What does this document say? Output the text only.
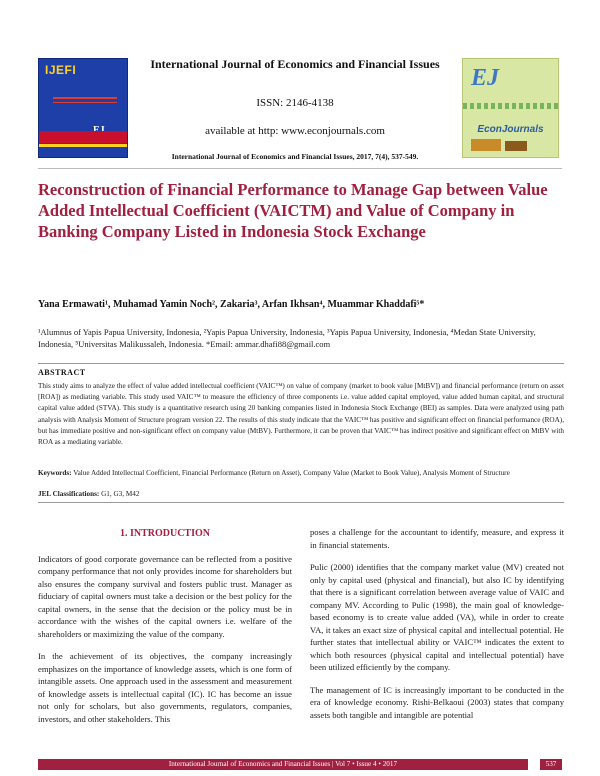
IJEFI	International Journal of Economics and Financial Issues
ISSN: 2146-4138
available at http: www.econjournals.com
International Journal of Economics and Financial Issues, 2017, 7(4), 537-549.
EJ
EconJournals
Reconstruction of Financial Performance to Manage Gap between Value Added Intellectual Coefficient (VAICTM) and Value of Company in Banking Company Listed in Indonesia Stock Exchange
Yana Ermawati¹, Muhamad Yamin Noch², Zakaria³, Arfan Ikhsan⁴, Muammar Khaddafi⁵*
¹Alumnus of Yapis Papua University, Indonesia, ²Yapis Papua University, Indonesia, ³Yapis Papua University, Indonesia, ⁴Medan State University, Indonesia, ⁵Universitas Malikussaleh, Indonesia. *Email: ammar.dhafi88@gmail.com
ABSTRACT
This study aims to analyze the effect of value added intellectual coefficient (VAIC™) on value of company (market to book value [MtBV]) and financial performance (return on asset [ROA]) as mediating variable. This study used VAIC™ to measure the efficiency of three components i.e. value added capital employed, value added human capital, and structural capital value added (STVA). This study is a quantitative research using 20 banking companies listed in Indonesia Stock Exchange (BEI) as samples. Data were analyzed using path analysis with Analysis Moment of Structure program version 22. The results of this study indicate that the VAIC™ has positive and significant effect on financial performance (ROA), but has immediate positive and non-significant effect on company value (MtBV). Furthermore, it can be proven that VAIC™ has indirect positive and significant effect on MtBV with ROA as a mediating variable.
Keywords: Value Added Intellectual Coefficient, Financial Performance (Return on Asset), Company Value (Market to Book Value), Analysis Moment of Structure
JEL Classifications: G1, G3, M42
1. INTRODUCTION

Indicators of good corporate governance can be reflected from a positive company performance that not only provides income for shareholders but also ensures the company survival and fosters public trust. Manager as fiduciary of capital owners must take a decision or the best policy for the capital owners, in the sense that the decision or the policy must be in accordance with the wishes of the capital owners i.e. welfare of the shareholders or maximizing the value of the company.

In the achievement of its objectives, the company increasingly emphasizes on the importance of knowledge assets, which is one form of intangible assets. One approach used in the assessment and measurement of knowledge assets is intellectual capital (IC). IC has become an issue not only for scholars, but also governments, regulators, companies, investors, and other stakeholders. This

poses a challenge for the accountant to identify, measure, and express it in financial statements.

Pulic (2000) identifies that the company market value (MV) created not only by capital used (physical and financial), but also IC by identifying that there is a significant correlation between average value of VAIC and company MV. According to Pulic (1998), the main goal of knowledge-based economy is to create value added (VA), while in order to create VA, it takes an exact size of physical capital and intellectual potential. He further states that intellectual ability or VAIC™ indicates the extent to which both resources (physical capital and intellectual potential) have been utilized efficiently by the company.

The management of IC is increasingly important to be conducted in the era of knowledge economy. Rishi-Belkaoui (2003) states that company assets both tangible and intangible are potential

International Journal of Economics and Financial Issues | Vol 7 • Issue 4 • 2017	537
